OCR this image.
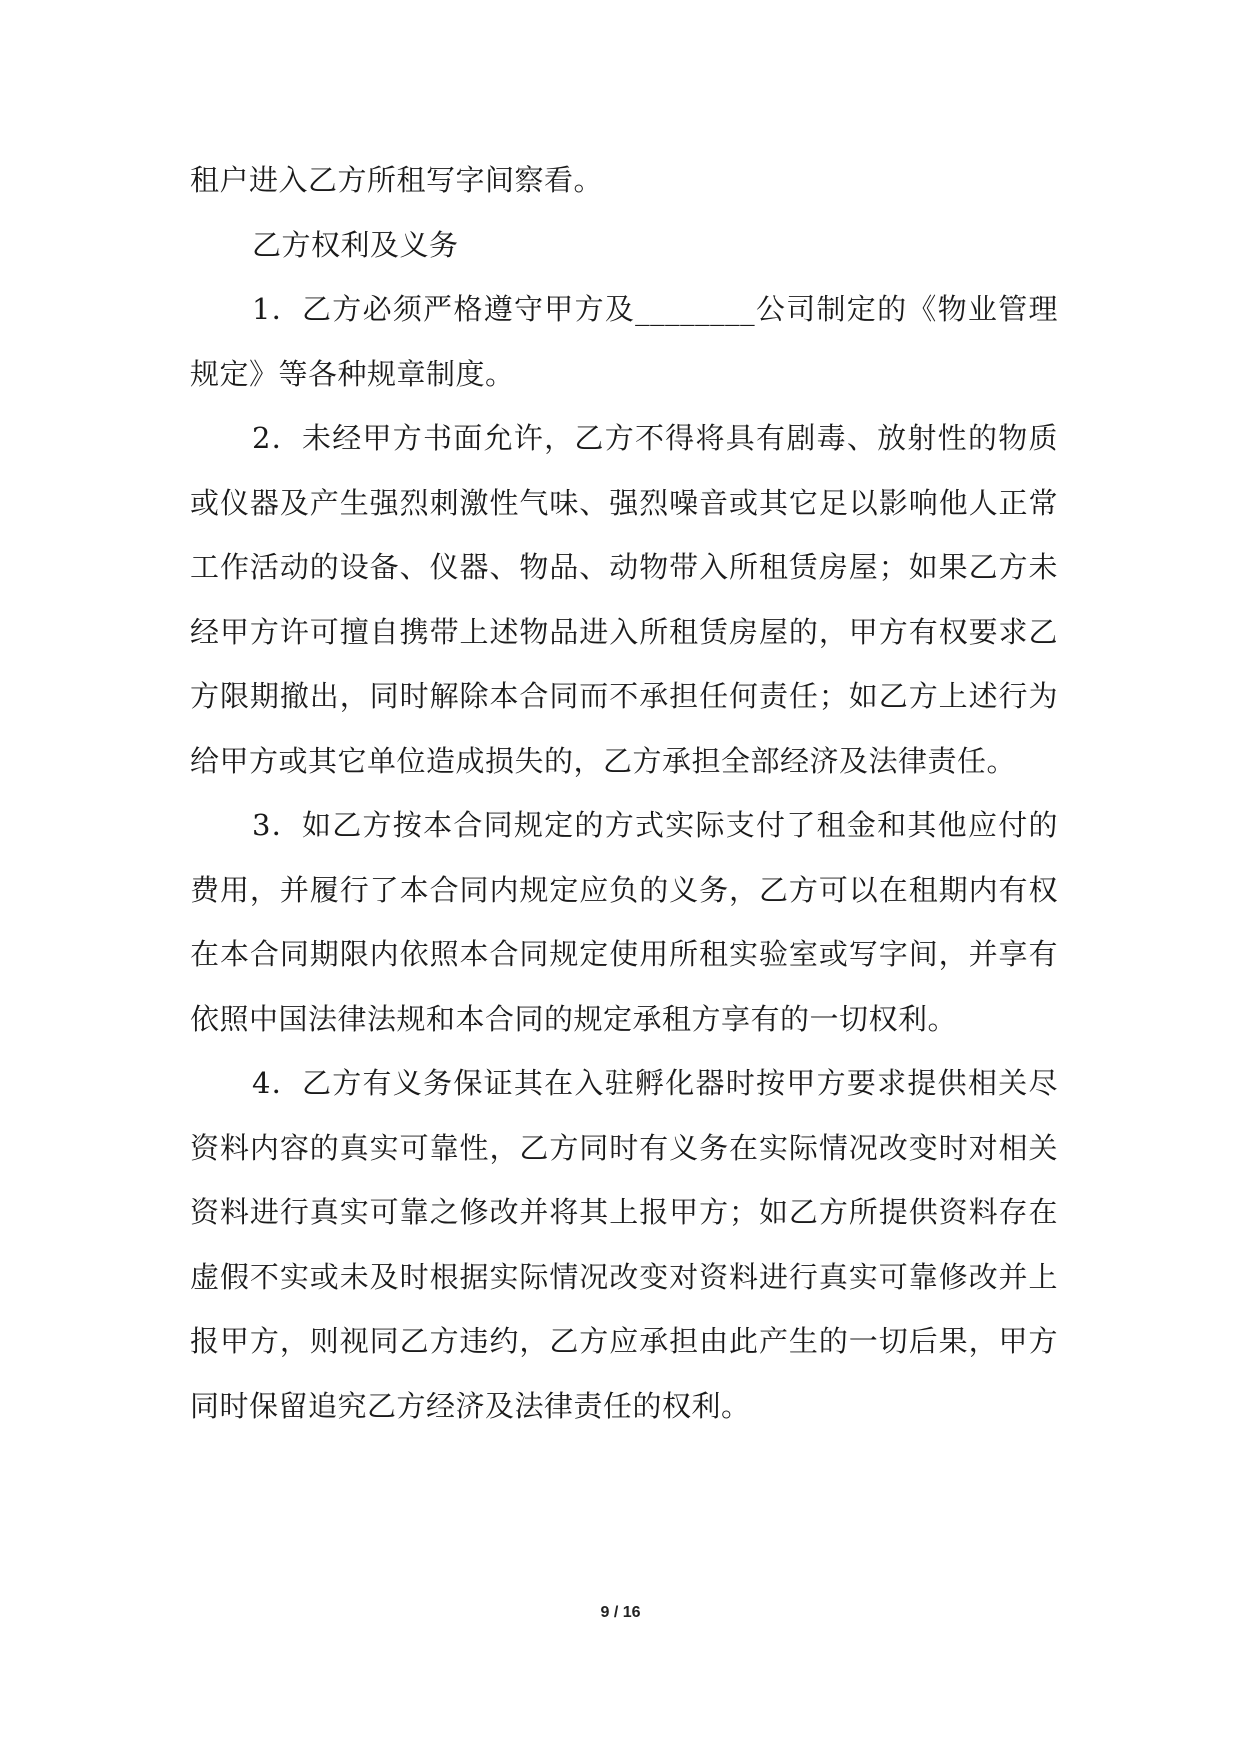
租户进入乙方所租写字间察看。

乙方权利及义务

1．乙方必须严格遵守甲方及________公司制定的《物业管理规定》等各种规章制度。

2．未经甲方书面允许，乙方不得将具有剧毒、放射性的物质或仪器及产生强烈刺激性气味、强烈噪音或其它足以影响他人正常工作活动的设备、仪器、物品、动物带入所租赁房屋；如果乙方未经甲方许可擅自携带上述物品进入所租赁房屋的，甲方有权要求乙方限期撤出，同时解除本合同而不承担任何责任；如乙方上述行为给甲方或其它单位造成损失的，乙方承担全部经济及法律责任。

3．如乙方按本合同规定的方式实际支付了租金和其他应付的费用，并履行了本合同内规定应负的义务，乙方可以在租期内有权在本合同期限内依照本合同规定使用所租实验室或写字间，并享有依照中国法律法规和本合同的规定承租方享有的一切权利。

4．乙方有义务保证其在入驻孵化器时按甲方要求提供相关尽资料内容的真实可靠性，乙方同时有义务在实际情况改变时对相关资料进行真实可靠之修改并将其上报甲方；如乙方所提供资料存在虚假不实或未及时根据实际情况改变对资料进行真实可靠修改并上报甲方，则视同乙方违约，乙方应承担由此产生的一切后果，甲方同时保留追究乙方经济及法律责任的权利。

9 / 16
